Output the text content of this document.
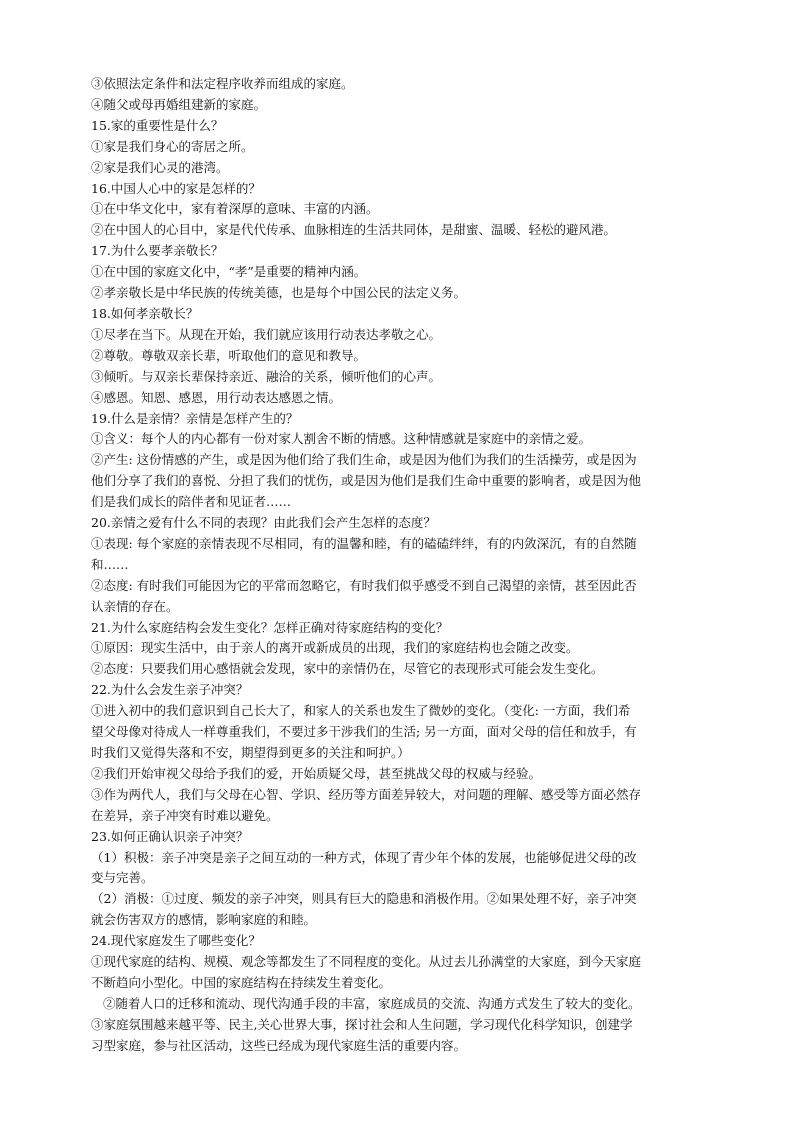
③依照法定条件和法定程序收养而组成的家庭。

④随父或母再婚组建新的家庭。

15.家的重要性是什么？

①家是我们身心的寄居之所。

②家是我们心灵的港湾。

16.中国人心中的家是怎样的？

①在中华文化中，家有着深厚的意味、丰富的内涵。

②在中国人的心目中，家是代代传承、血脉相连的生活共同体，是甜蜜、温暖、轻松的避风港。

17.为什么要孝亲敬长？

①在中国的家庭文化中，“孝”是重要的精神内涵。

②孝亲敬长是中华民族的传统美德，也是每个中国公民的法定义务。

18.如何孝亲敬长？

①尽孝在当下。从现在开始，我们就应该用行动表达孝敬之心。

②尊敬。尊敬双亲长辈，听取他们的意见和教导。

③倾听。与双亲长辈保持亲近、融洽的关系，倾听他们的心声。

④感恩。知恩、感恩，用行动表达感恩之情。

19.什么是亲情？亲情是怎样产生的？

①含义：每个人的内心都有一份对家人割舍不断的情感。这种情感就是家庭中的亲情之爱。

②产生: 这份情感的产生，或是因为他们给了我们生命，或是因为他们为我们的生活操劳，或是因为

他们分享了我们的喜悦、分担了我们的忧伤，或是因为他们是我们生命中重要的影响者，或是因为他

们是我们成长的陪伴者和见证者……

20.亲情之爱有什么不同的表现？由此我们会产生怎样的态度？

①表现: 每个家庭的亲情表现不尽相同，有的温馨和睦，有的磕磕绊绊，有的内敛深沉，有的自然随

和……

②态度: 有时我们可能因为它的平常而忽略它，有时我们似乎感受不到自己渴望的亲情，甚至因此否

认亲情的存在。

21.为什么家庭结构会发生变化？怎样正确对待家庭结构的变化？

①原因：现实生活中，由于亲人的离开或新成员的出现，我们的家庭结构也会随之改变。

②态度：只要我们用心感悟就会发现，家中的亲情仍在，尽管它的表现形式可能会发生变化。

22.为什么会发生亲子冲突？

①进入初中的我们意识到自己长大了，和家人的关系也发生了微妙的变化。（变化: 一方面，我们希

望父母像对待成人一样尊重我们，不要过多干涉我们的生活; 另一方面，面对父母的信任和放手，有

时我们又觉得失落和不安，期望得到更多的关注和呵护。）

②我们开始审视父母给予我们的爱，开始质疑父母，甚至挑战父母的权威与经验。

③作为两代人，我们与父母在心智、学识、经历等方面差异较大，对问题的理解、感受等方面必然存

在差异，亲子冲突有时难以避免。

23.如何正确认识亲子冲突？

（1）积极：亲子冲突是亲子之间互动的一种方式，体现了青少年个体的发展，也能够促进父母的改

变与完善。

（2）消极：①过度、频发的亲子冲突，则具有巨大的隐患和消极作用。②如果处理不好，亲子冲突

就会伤害双方的感情，影响家庭的和睦。

24.现代家庭发生了哪些变化？

①现代家庭的结构、规模、观念等都发生了不同程度的变化。从过去儿孙满堂的大家庭，到今天家庭

不断趋向小型化。中国的家庭结构在持续发生着变化。

②随着人口的迁移和流动、现代沟通手段的丰富，家庭成员的交流、沟通方式发生了较大的变化。

③家庭氛围越来越平等、民主,关心世界大事，探讨社会和人生问题，学习现代化科学知识，创建学

习型家庭，参与社区活动，这些已经成为现代家庭生活的重要内容。
